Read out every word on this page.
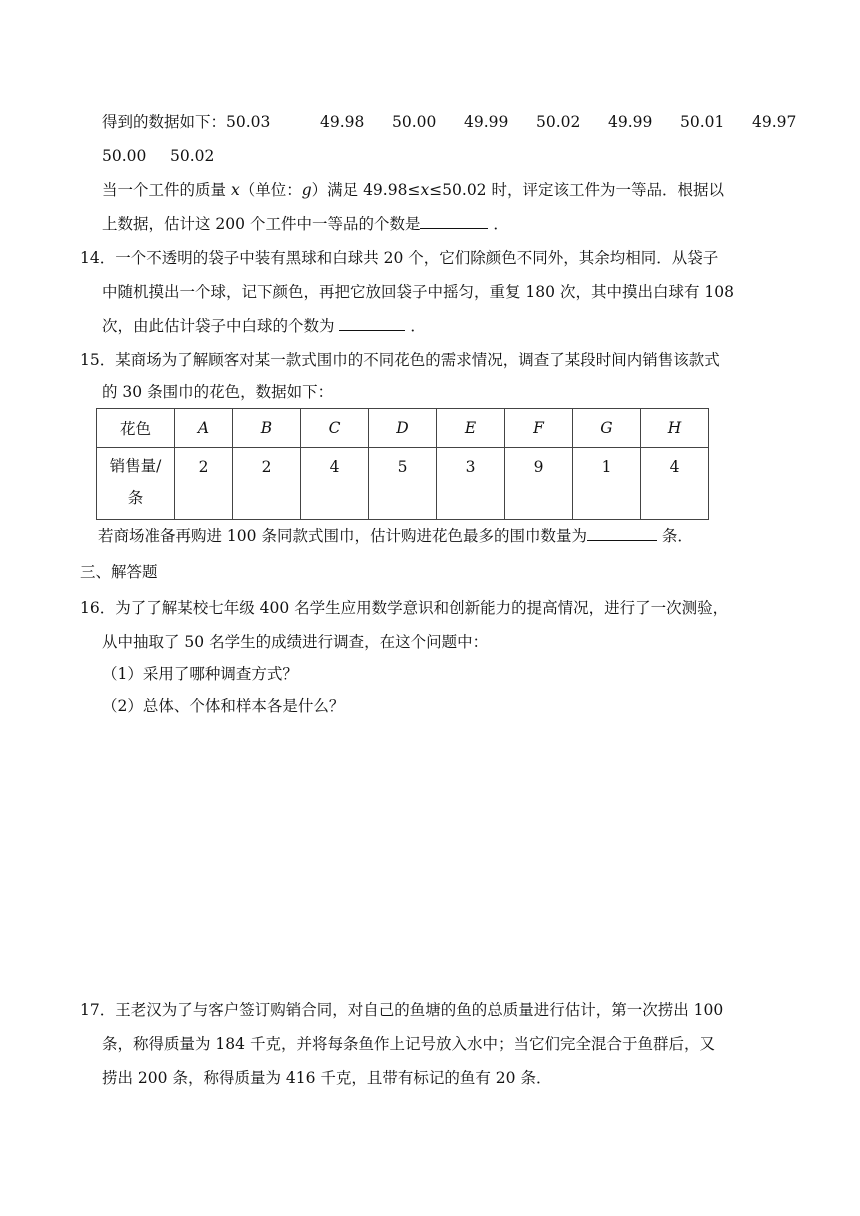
得到的数据如下：50.03	49.98 50.00 49.99 50.02 49.99 50.01 49.97
50.00 50.02
当一个工件的质量 x（单位：g）满足 49.98≤x≤50.02 时，评定该工件为一等品．根据以
上数据，估计这 200 个工件中一等品的个数是	．
14．一个不透明的袋子中装有黑球和白球共 20 个，它们除颜色不同外，其余均相同．从袋子
中随机摸出一个球，记下颜色，再把它放回袋子中摇匀，重复 180 次，其中摸出白球有 108
次，由此估计袋子中白球的个数为	．
15．某商场为了解顾客对某一款式围巾的不同花色的需求情况，调查了某段时间内销售该款式
的 30 条围巾的花色，数据如下：
花色	A	B	C	D	E	F	G	H

销售量/
条	2	2	4	5	3	9	1	4
若商场准备再购进 100 条同款式围巾，估计购进花色最多的围巾数量为	条．
三、解答题
16．为了了解某校七年级 400 名学生应用数学意识和创新能力的提高情况，进行了一次测验，
从中抽取了 50 名学生的成绩进行调查，在这个问题中：
（1）采用了哪种调查方式？
（2）总体、个体和样本各是什么？
17．王老汉为了与客户签订购销合同，对自己的鱼塘的鱼的总质量进行估计，第一次捞出 100
条，称得质量为 184 千克，并将每条鱼作上记号放入水中；当它们完全混合于鱼群后，又
捞出 200 条，称得质量为 416 千克，且带有标记的鱼有 20 条．
